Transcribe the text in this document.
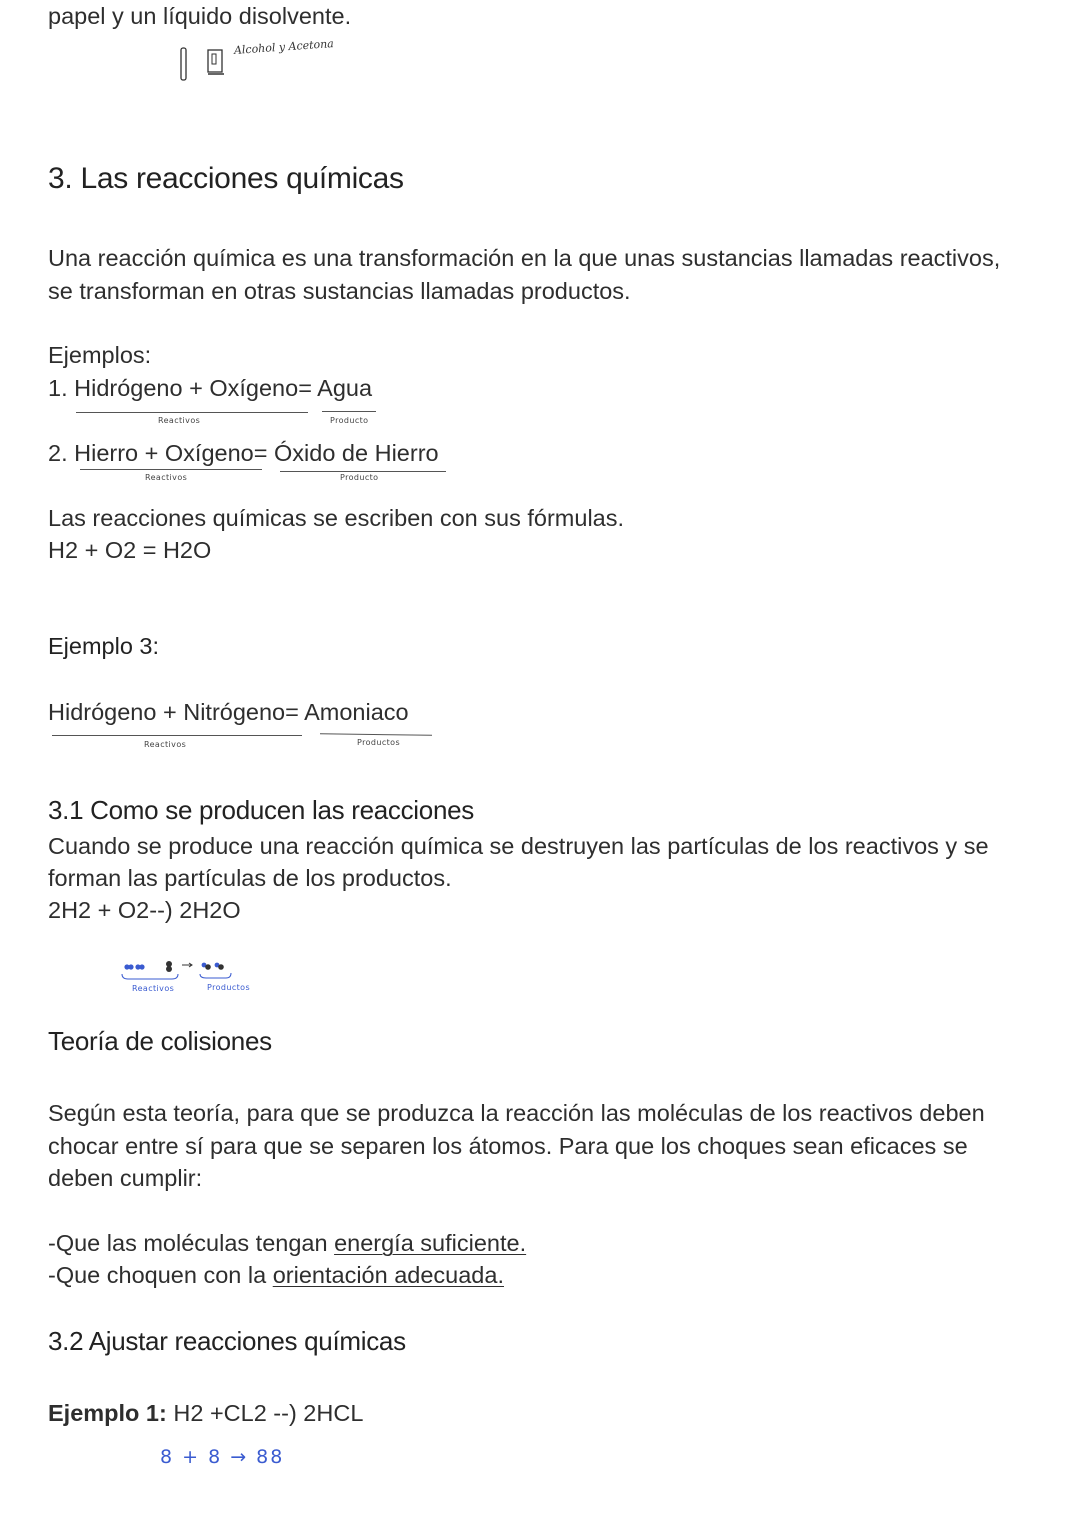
papel y un líquido disolvente.

Alcohol y Acetona
3. Las reacciones químicas

Una reacción química es una transformación en la que unas sustancias llamadas reactivos,

se transforman en otras sustancias llamadas productos.

Ejemplos:

1. Hidrógeno + Oxígeno= Agua

Reactivos	Producto

2. Hierro + Oxígeno= Óxido de Hierro

Reactivos	Producto

Las reacciones químicas se escriben con sus fórmulas.

H2 + O2 = H2O

Ejemplo 3:

Hidrógeno + Nitrógeno= Amoniaco

Reactivos	Productos
3.1 Como se producen las reacciones

Cuando se produce una reacción química se destruyen las partículas de los reactivos y se

forman las partículas de los productos.

2H2 + O2--) 2H2O

Reactivos	Productos
Teoría de colisiones

Según esta teoría, para que se produzca la reacción las moléculas de los reactivos deben

chocar entre sí para que se separen los átomos. Para que los choques sean eficaces se

deben cumplir:

-Que las moléculas tengan energía suficiente.

-Que choquen con la orientación adecuada.

3.2 Ajustar reacciones químicas

Ejemplo 1: H2 +CL2 --) 2HCL

8 + 8 → 88
